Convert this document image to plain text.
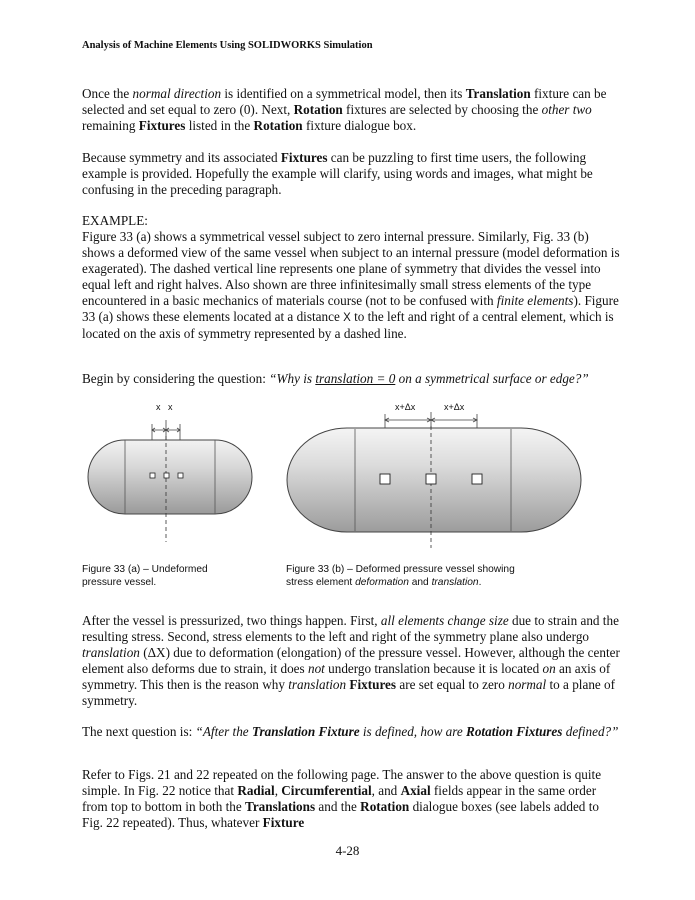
Analysis of Machine Elements Using SOLIDWORKS Simulation

Once the normal direction is identified on a symmetrical model, then its Translation fixture can be selected and set equal to zero (0). Next, Rotation fixtures are selected by choosing the other two remaining Fixtures listed in the Rotation fixture dialogue box.

Because symmetry and its associated Fixtures can be puzzling to first time users, the following example is provided. Hopefully the example will clarify, using words and images, what might be confusing in the preceding paragraph.

EXAMPLE:

Figure 33 (a) shows a symmetrical vessel subject to zero internal pressure. Similarly, Fig. 33 (b) shows a deformed view of the same vessel when subject to an internal pressure (model deformation is exagerated). The dashed vertical line represents one plane of symmetry that divides the vessel into equal left and right halves. Also shown are three infinitesimally small stress elements of the type encountered in a basic mechanics of materials course (not to be confused with finite elements). Figure 33 (a) shows these elements located at a distance X to the left and right of a central element, which is located on the axis of symmetry represented by a dashed line.

Begin by considering the question: “Why is translation = 0 on a symmetrical surface or edge?”

x   x
Figure 33 (a) – Undeformed
pressure vessel.
x+Δx	x+Δx
Figure 33 (b) – Deformed pressure vessel showing
stress element deformation and translation.

After the vessel is pressurized, two things happen. First, all elements change size due to strain and the resulting stress. Second, stress elements to the left and right of the symmetry plane also undergo translation (ΔX) due to deformation (elongation) of the pressure vessel. However, although the center element also deforms due to strain, it does not undergo translation because it is located on an axis of symmetry. This then is the reason why translation Fixtures are set equal to zero normal to a plane of symmetry.

The next question is: “After the Translation Fixture is defined, how are Rotation Fixtures defined?”

Refer to Figs. 21 and 22 repeated on the following page. The answer to the above question is quite simple. In Fig. 22 notice that Radial, Circumferential, and Axial fields appear in the same order from top to bottom in both the Translations and the Rotation dialogue boxes (see labels added to Fig. 22 repeated). Thus, whatever Fixture

4-28
